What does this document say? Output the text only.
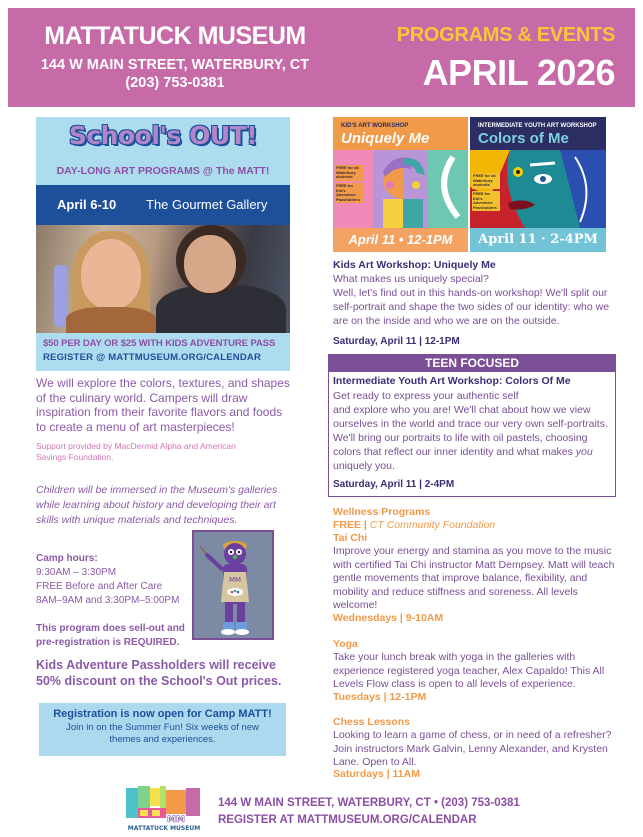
MATTATUCK MUSEUM
144 W MAIN STREET, WATERBURY, CT
(203) 753-0381
PROGRAMS & EVENTS
APRIL 2026
School's OUT!
DAY-LONG ART PROGRAMS @ The MATT!
April 6-10 The Gourmet Gallery
$50 PER DAY OR $25 WITH KIDS ADVENTURE PASS
REGISTER @ MATTMUSEUM.ORG/CALENDAR
We will explore the colors, textures, and shapes of the culinary world. Campers will draw inspiration from their favorite flavors and foods to create a menu of art masterpieces!
Support provided by MacDermid Alpha and American Savings Foundation.
Children will be immersed in the Museum's galleries while learning about history and developing their art skills with unique materials and techniques.
Camp hours:
9:30AM – 3:30PM
FREE Before and After Care
8AM–9AM and 3:30PM–5:00PM
This program does sell-out and pre-registration is REQUIRED.
MM
Kids Adventure Passholders will receive 50% discount on the School's Out prices.
Registration is now open for Camp MATT!
Join in on the Summer Fun! Six weeks of new themes and experiences.
KID'S ART WORKSHOP
Uniquely Me
FREE for all Waterbury students
FREE for Kid's Adventure Passholders
April 11 • 12-1PM
INTERMEDIATE YOUTH ART WORKSHOP
Colors of Me
FREE for all Waterbury students
FREE for Kid's Adventure Passholders
April 11 · 2-4PM
Kids Art Workshop: Uniquely Me
What makes us uniquely special?
Well, let's find out in this hands-on workshop! We'll split our self-portrait and shape the two sides of our identity: who we are on the inside and who we are on the outside.
Saturday, April 11 | 12-1PM
TEEN FOCUSED
Intermediate Youth Art Workshop: Colors Of Me
Get ready to express your authentic self
and explore who you are! We'll chat about how we view ourselves in the world and trace our very own self-portraits. We'll bring our portraits to life with oil pastels, choosing colors that reflect our inner identity and what makes you uniquely you.
Saturday, April 11 | 2-4PM
Wellness Programs
FREE | CT Community Foundation
Tai Chi
Improve your energy and stamina as you move to the music with certified Tai Chi instructor Matt Dempsey. Matt will teach gentle movements that improve balance, flexibility, and mobility and reduce stiffness and soreness. All levels welcome!
Wednesdays | 9-10AM
Yoga
Take your lunch break with yoga in the galleries with experience registered yoga teacher, Alex Capaldo! This All Levels Flow class is open to all levels of experience.
Tuesdays | 12-1PM
Chess Lessons
Looking to learn a game of chess, or in need of a refresher? Join instructors Mark Galvin, Lenny Alexander, and Krysten Lane. Open to All.
Saturdays | 11AM
MM
MATTATUCK MUSEUM
144 W MAIN STREET, WATERBURY, CT • (203) 753-0381
REGISTER AT MATTMUSEUM.ORG/CALENDAR
